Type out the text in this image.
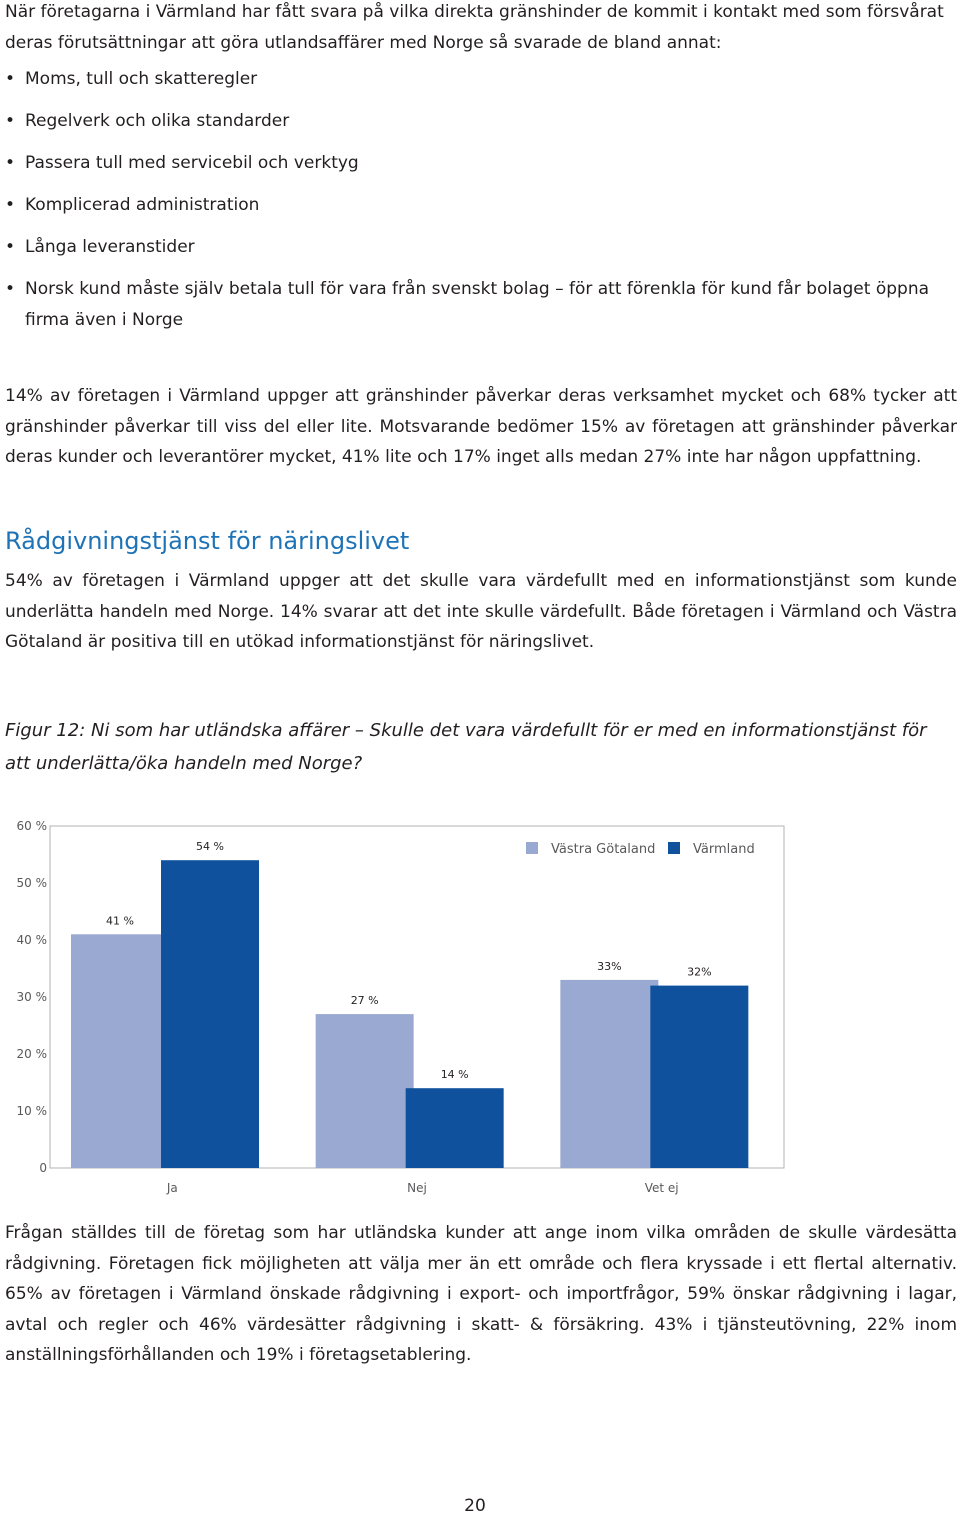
När företagarna i Värmland har fått svara på vilka direkta gränshinder de kommit i kontakt med som försvårat deras förutsättningar att göra utlandsaffärer med Norge så svarade de bland annat:

• Moms, tull och skatteregler
• Regelverk och olika standarder
• Passera tull med servicebil och verktyg
• Komplicerad administration
• Långa leveranstider
• Norsk kund måste själv betala tull för vara från svenskt bolag – för att förenkla för kund får bolaget öppna firma även i Norge

14% av företagen i Värmland uppger att gränshinder påverkar deras verksamhet mycket och 68% tycker att gränshinder påverkar till viss del eller lite. Motsvarande bedömer 15% av företagen att gränshinder påverkar deras kunder och leverantörer mycket, 41% lite och 17% inget alls medan 27% inte har någon uppfattning.

Rådgivningstjänst för näringslivet

54% av företagen i Värmland uppger att det skulle vara värdefullt med en informationstjänst som kunde underlätta handeln med Norge. 14% svarar att det inte skulle värdefullt. Både företagen i Värmland och Västra Götaland är positiva till en utökad informationstjänst för näringslivet.

Figur 12: Ni som har utländska affärer – Skulle det vara värdefullt för er med en informationstjänst för att underlätta/öka handeln med Norge?

0
10 %
20 %
30 %
40 %
50 %
60 %
41 %
54 %
Ja
27 %
14 %
Nej
33%	32%
Vet ej
Västra Götaland	Värmland

Frågan ställdes till de företag som har utländska kunder att ange inom vilka områden de skulle värdesätta rådgivning. Företagen fick möjligheten att välja mer än ett område och flera kryssade i ett flertal alternativ. 65% av företagen i Värmland önskade rådgivning i export- och importfrågor, 59% önskar rådgivning i lagar, avtal och regler och 46% värdesätter rådgivning i skatt- & försäkring. 43% i tjänsteutövning, 22% inom anställningsförhållanden och 19% i företagsetablering.

20
